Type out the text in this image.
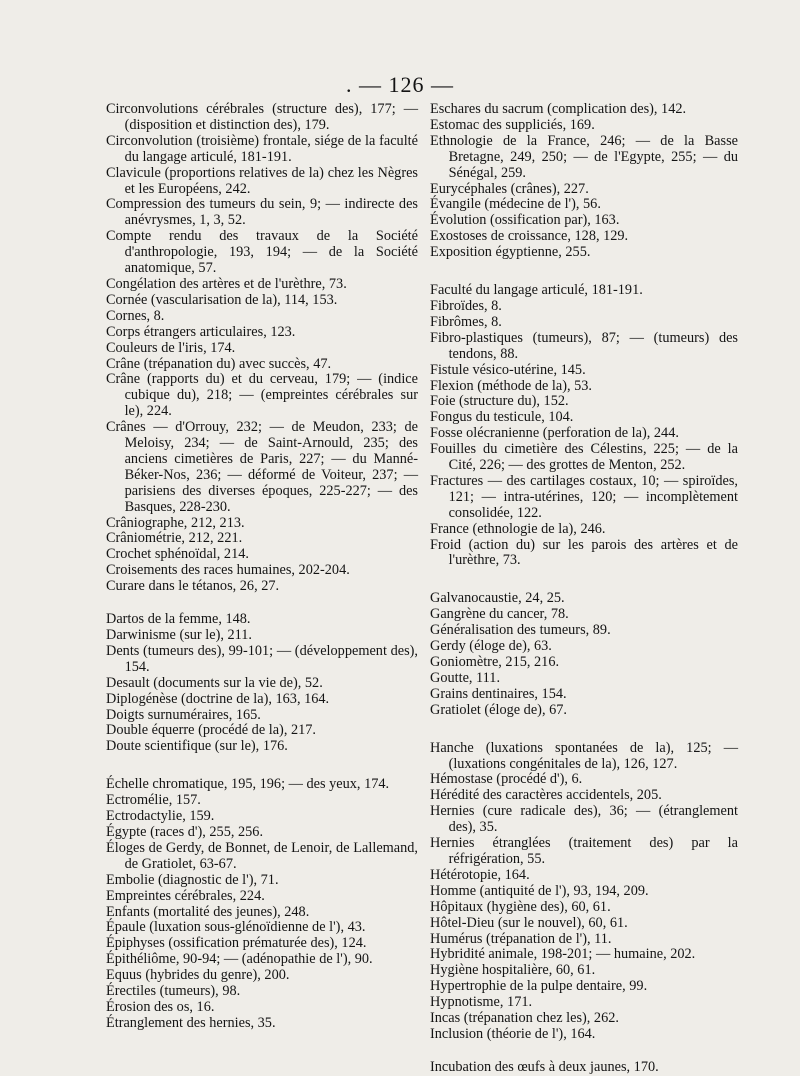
. — 126 —
Circonvolutions cérébrales (structure des), 177; — (disposition et distinction des), 179.
Circonvolution (troisième) frontale, siége de la faculté du langage articulé, 181-191.
Clavicule (proportions relatives de la) chez les Nègres et les Européens, 242.
Compression des tumeurs du sein, 9; — indirecte des anévrysmes, 1, 3, 52.
Compte rendu des travaux de la Société d'anthropologie, 193, 194; — de la Société anatomique, 57.
Congélation des artères et de l'urèthre, 73.
Cornée (vascularisation de la), 114, 153.
Cornes, 8.
Corps étrangers articulaires, 123.
Couleurs de l'iris, 174.
Crâne (trépanation du) avec succès, 47.
Crâne (rapports du) et du cerveau, 179; — (indice cubique du), 218; — (empreintes cérébrales sur le), 224.
Crânes — d'Orrouy, 232; — de Meudon, 233; de Meloisy, 234; — de Saint-Arnould, 235; des anciens cimetières de Paris, 227; — du Manné-Béker-Nos, 236; — déformé de Voiteur, 237; — parisiens des diverses époques, 225-227; — des Basques, 228-230.
Crâniographe, 212, 213.
Crâniométrie, 212, 221.
Crochet sphénoïdal, 214.
Croisements des races humaines, 202-204.
Curare dans le tétanos, 26, 27.
Dartos de la femme, 148.
Darwinisme (sur le), 211.
Dents (tumeurs des), 99-101; — (développement des), 154.
Desault (documents sur la vie de), 52.
Diplogénèse (doctrine de la), 163, 164.
Doigts surnuméraires, 165.
Double équerre (procédé de la), 217.
Doute scientifique (sur le), 176.
Échelle chromatique, 195, 196; — des yeux, 174.
Ectromélie, 157.
Ectrodactylie, 159.
Égypte (races d'), 255, 256.
Éloges de Gerdy, de Bonnet, de Lenoir, de Lallemand, de Gratiolet, 63-67.
Embolie (diagnostic de l'), 71.
Empreintes cérébrales, 224.
Enfants (mortalité des jeunes), 248.
Épaule (luxation sous-glénoïdienne de l'), 43.
Épiphyses (ossification prématurée des), 124.
Épithéliôme, 90-94; — (adénopathie de l'), 90.
Equus (hybrides du genre), 200.
Érectiles (tumeurs), 98.
Érosion des os, 16.
Étranglement des hernies, 35.
Eschares du sacrum (complication des), 142.
Estomac des suppliciés, 169.
Ethnologie de la France, 246; — de la Basse Bretagne, 249, 250; — de l'Egypte, 255; — du Sénégal, 259.
Eurycéphales (crânes), 227.
Évangile (médecine de l'), 56.
Évolution (ossification par), 163.
Exostoses de croissance, 128, 129.
Exposition égyptienne, 255.
Faculté du langage articulé, 181-191.
Fibroïdes, 8.
Fibrômes, 8.
Fibro-plastiques (tumeurs), 87; — (tumeurs) des tendons, 88.
Fistule vésico-utérine, 145.
Flexion (méthode de la), 53.
Foie (structure du), 152.
Fongus du testicule, 104.
Fosse olécranienne (perforation de la), 244.
Fouilles du cimetière des Célestins, 225; — de la Cité, 226; — des grottes de Menton, 252.
Fractures — des cartilages costaux, 10; — spiroïdes, 121; — intra-utérines, 120; — incomplètement consolidée, 122.
France (ethnologie de la), 246.
Froid (action du) sur les parois des artères et de l'urèthre, 73.
Galvanocaustie, 24, 25.
Gangrène du cancer, 78.
Généralisation des tumeurs, 89.
Gerdy (éloge de), 63.
Goniomètre, 215, 216.
Goutte, 111.
Grains dentinaires, 154.
Gratiolet (éloge de), 67.
Hanche (luxations spontanées de la), 125; — (luxations congénitales de la), 126, 127.
Hémostase (procédé d'), 6.
Hérédité des caractères accidentels, 205.
Hernies (cure radicale des), 36; — (étranglement des), 35.
Hernies étranglées (traitement des) par la réfrigération, 55.
Hétérotopie, 164.
Homme (antiquité de l'), 93, 194, 209.
Hôpitaux (hygiène des), 60, 61.
Hôtel-Dieu (sur le nouvel), 60, 61.
Humérus (trépanation de l'), 11.
Hybridité animale, 198-201; — humaine, 202.
Hygiène hospitalière, 60, 61.
Hypertrophie de la pulpe dentaire, 99.
Hypnotisme, 171.
Incas (trépanation chez les), 262.
Inclusion (théorie de l'), 164.
Incubation des œufs à deux jaunes, 170.
